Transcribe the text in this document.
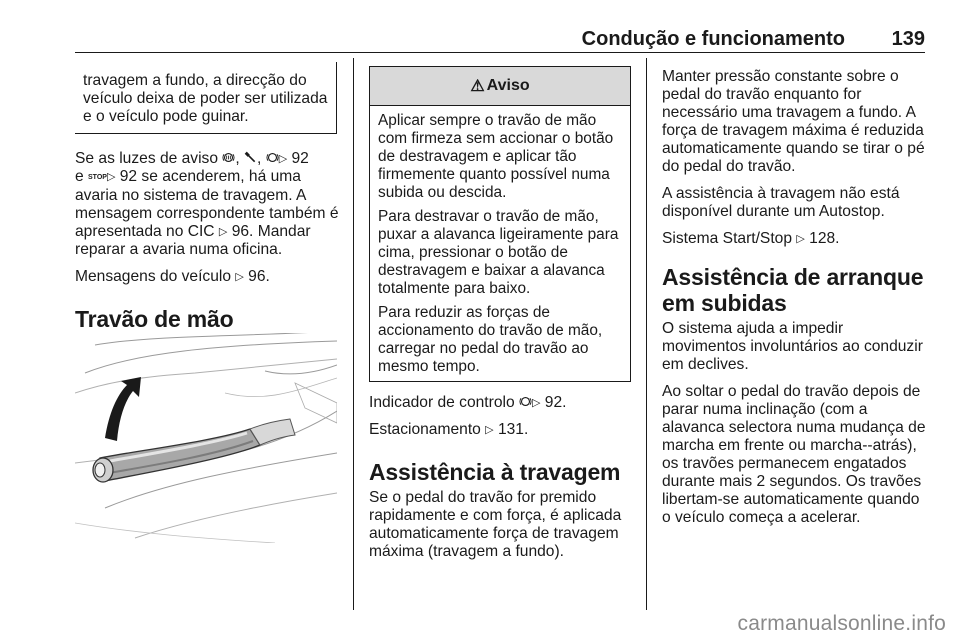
Condução e funcionamento 139
travagem a fundo, a direcção do veículo deixa de poder ser utilizada e o veículo pode guinar.

Se as luzes de aviso , , ▷ 92
e STOP▷ 92 se acenderem, há uma avaria no sistema de travagem. A mensagem correspondente também é apresentada no CIC ▷ 96. Mandar reparar a avaria numa oficina.

Mensagens do veículo ▷ 96.

Travão de mão
⚠ Aviso

Aplicar sempre o travão de mão com firmeza sem accionar o botão de destravagem e aplicar tão firmemente quanto possível numa subida ou descida.

Para destravar o travão de mão, puxar a alavanca ligeiramente para cima, pressionar o botão de destravagem e baixar a alavanca totalmente para baixo.

Para reduzir as forças de accionamento do travão de mão, carregar no pedal do travão ao mesmo tempo.

Indicador de controlo ▷ 92.

Estacionamento ▷ 131.

Assistência à travagem

Se o pedal do travão for premido rapidamente e com força, é aplicada automaticamente força de travagem máxima (travagem a fundo).

Manter pressão constante sobre o pedal do travão enquanto for necessário uma travagem a fundo. A força de travagem máxima é reduzida automaticamente quando se tirar o pé do pedal do travão.

A assistência à travagem não está disponível durante um Autostop.

Sistema Start/Stop ▷ 128.

Assistência de arranque em subidas

O sistema ajuda a impedir movimentos involuntários ao conduzir em declives.

Ao soltar o pedal do travão depois de parar numa inclinação (com a alavanca selectora numa mudança de marcha em frente ou marcha--atrás), os travões permanecem engatados durante mais 2 segundos. Os travões libertam-se automaticamente quando o veículo começa a acelerar.

carmanualsonline.info
